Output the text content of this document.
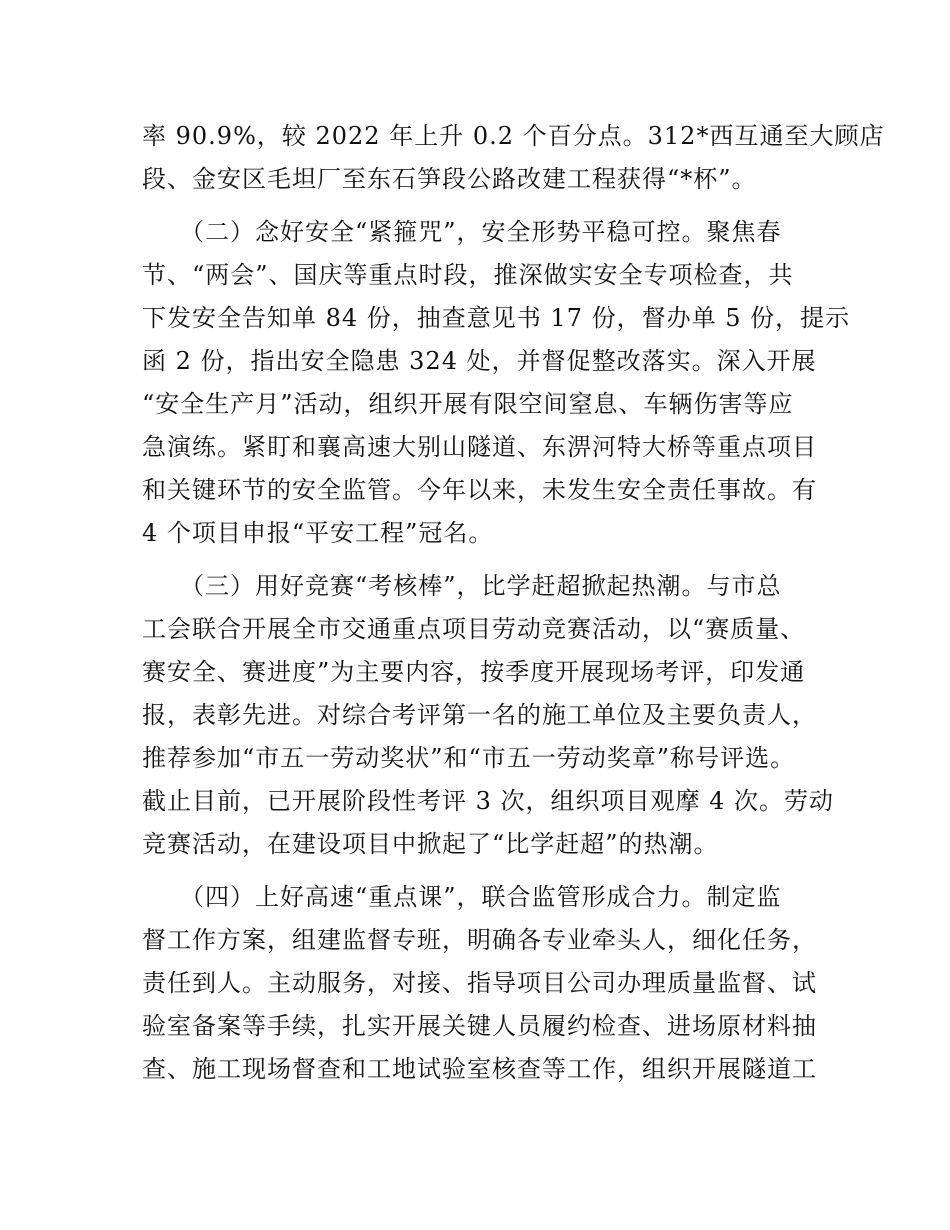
率 90.9%，较 2022 年上升 0.2 个百分点。312*西互通至大顾店
段、金安区毛坦厂至东石笋段公路改建工程获得“*杯”。
　　（二）念好安全“紧箍咒”，安全形势平稳可控。聚焦春
节、“两会”、国庆等重点时段，推深做实安全专项检查，共
下发安全告知单 84 份，抽查意见书 17 份，督办单 5 份，提示
函 2 份，指出安全隐患 324 处，并督促整改落实。深入开展
“安全生产月”活动，组织开展有限空间窒息、车辆伤害等应
急演练。紧盯和襄高速大别山隧道、东淠河特大桥等重点项目
和关键环节的安全监管。今年以来，未发生安全责任事故。有
4 个项目申报“平安工程”冠名。
　　（三）用好竞赛“考核棒”，比学赶超掀起热潮。与市总
工会联合开展全市交通重点项目劳动竞赛活动，以“赛质量、
赛安全、赛进度”为主要内容，按季度开展现场考评，印发通
报，表彰先进。对综合考评第一名的施工单位及主要负责人，
推荐参加“市五一劳动奖状”和“市五一劳动奖章”称号评选。
截止目前，已开展阶段性考评 3 次，组织项目观摩 4 次。劳动
竞赛活动，在建设项目中掀起了“比学赶超”的热潮。
　　（四）上好高速“重点课”，联合监管形成合力。制定监
督工作方案，组建监督专班，明确各专业牵头人，细化任务，
责任到人。主动服务，对接、指导项目公司办理质量监督、试
验室备案等手续，扎实开展关键人员履约检查、进场原材料抽
查、施工现场督查和工地试验室核查等工作，组织开展隧道工
